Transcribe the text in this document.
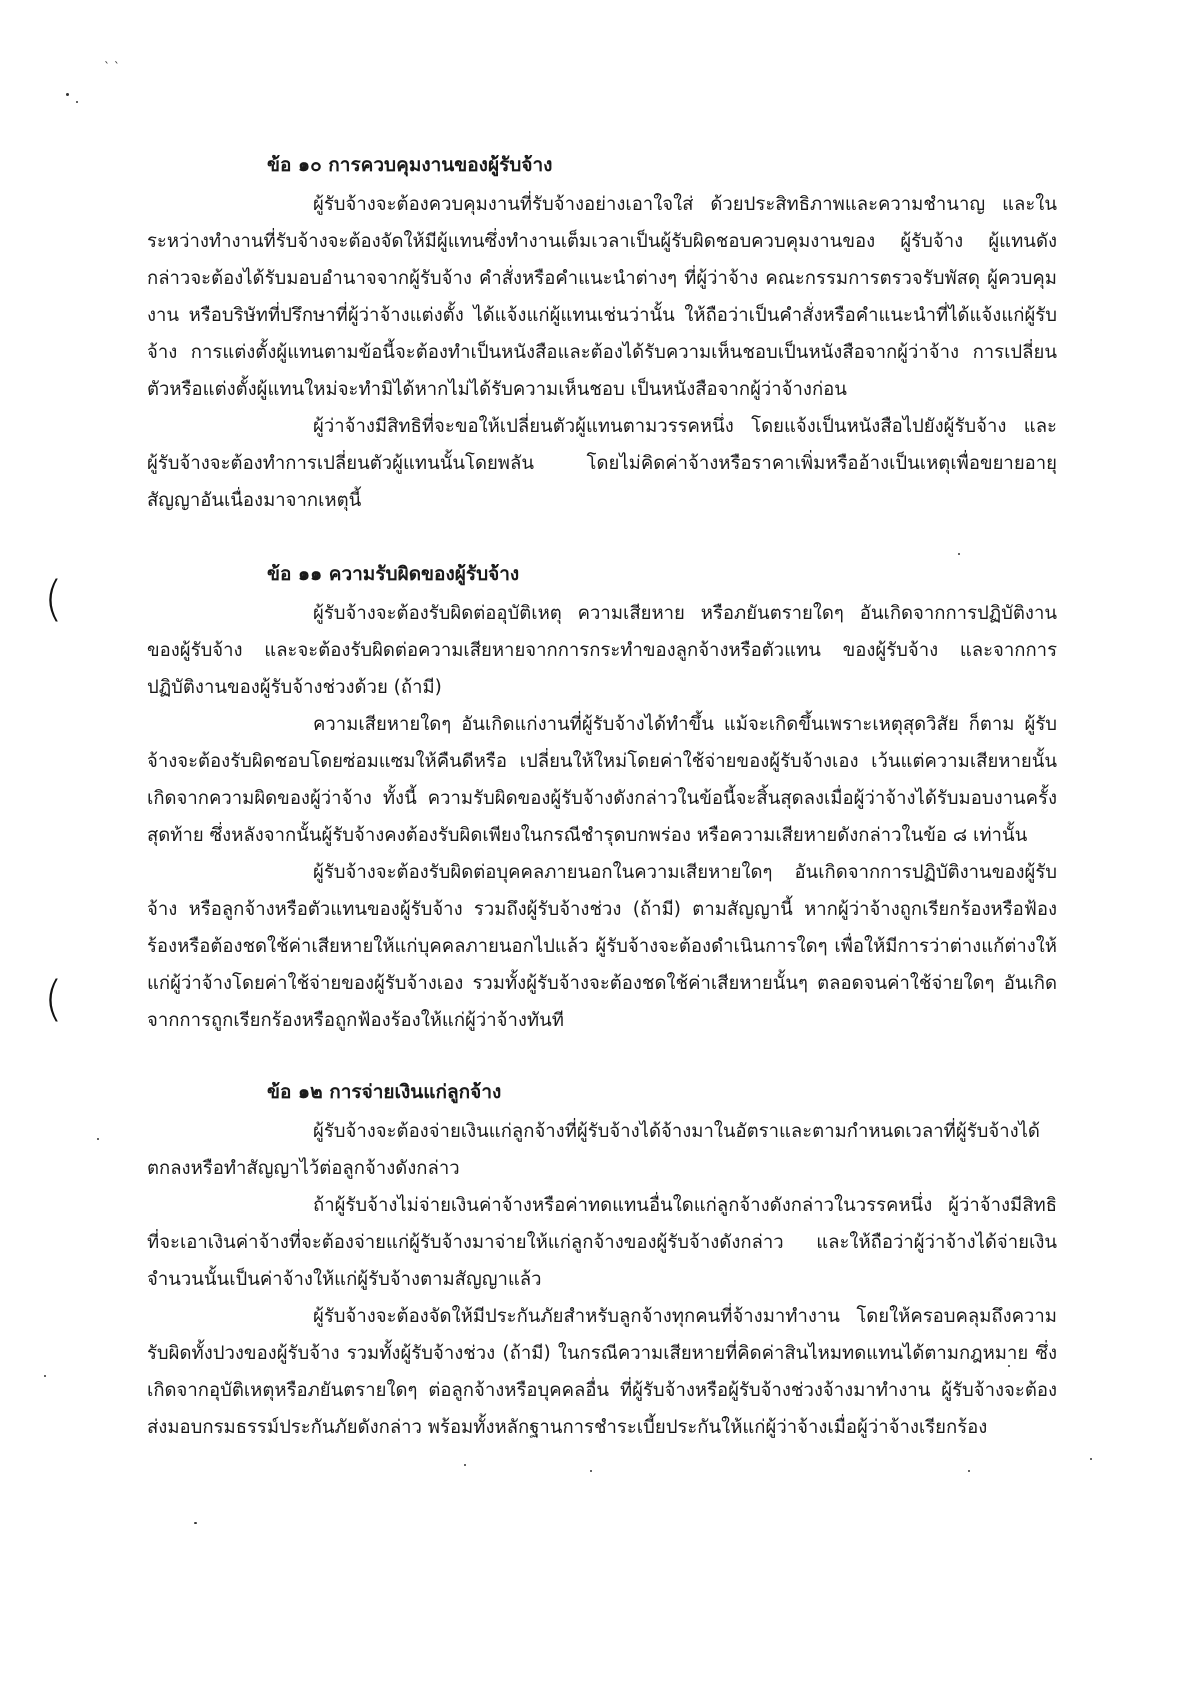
` `
(
(
ข้อ ๑๐ การควบคุมงานของผู้รับจ้าง

ผู้รับจ้างจะต้องควบคุมงานที่รับจ้างอย่างเอาใจใส่ ด้วยประสิทธิภาพและความชำนาญ และในระหว่างทำงานที่รับจ้างจะต้องจัดให้มีผู้แทนซึ่งทำงานเต็มเวลาเป็นผู้รับผิดชอบควบคุมงานของ ผู้รับจ้าง ผู้แทนดังกล่าวจะต้องได้รับมอบอำนาจจากผู้รับจ้าง คำสั่งหรือคำแนะนำต่างๆ ที่ผู้ว่าจ้าง คณะกรรมการตรวจรับพัสดุ ผู้ควบคุมงาน หรือบริษัทที่ปรึกษาที่ผู้ว่าจ้างแต่งตั้ง ได้แจ้งแก่ผู้แทนเช่นว่านั้น ให้ถือว่าเป็นคำสั่งหรือคำแนะนำที่ได้แจ้งแก่ผู้รับจ้าง การแต่งตั้งผู้แทนตามข้อนี้จะต้องทำเป็นหนังสือและต้องได้รับความเห็นชอบเป็นหนังสือจากผู้ว่าจ้าง การเปลี่ยนตัวหรือแต่งตั้งผู้แทนใหม่จะทำมิได้หากไม่ได้รับความเห็นชอบ เป็นหนังสือจากผู้ว่าจ้างก่อน

ผู้ว่าจ้างมีสิทธิที่จะขอให้เปลี่ยนตัวผู้แทนตามวรรคหนึ่ง โดยแจ้งเป็นหนังสือไปยังผู้รับจ้าง และผู้รับจ้างจะต้องทำการเปลี่ยนตัวผู้แทนนั้นโดยพลัน โดยไม่คิดค่าจ้างหรือราคาเพิ่มหรืออ้างเป็นเหตุเพื่อขยายอายุสัญญาอันเนื่องมาจากเหตุนี้

ข้อ ๑๑ ความรับผิดของผู้รับจ้าง

ผู้รับจ้างจะต้องรับผิดต่ออุบัติเหตุ ความเสียหาย หรือภยันตรายใดๆ อันเกิดจากการปฏิบัติงานของผู้รับจ้าง และจะต้องรับผิดต่อความเสียหายจากการกระทำของลูกจ้างหรือตัวแทน ของผู้รับจ้าง และจากการปฏิบัติงานของผู้รับจ้างช่วงด้วย (ถ้ามี)

ความเสียหายใดๆ อันเกิดแก่งานที่ผู้รับจ้างได้ทำขึ้น แม้จะเกิดขึ้นเพราะเหตุสุดวิสัย ก็ตาม ผู้รับจ้างจะต้องรับผิดชอบโดยซ่อมแซมให้คืนดีหรือ เปลี่ยนให้ใหม่โดยค่าใช้จ่ายของผู้รับจ้างเอง เว้นแต่ความเสียหายนั้นเกิดจากความผิดของผู้ว่าจ้าง ทั้งนี้ ความรับผิดของผู้รับจ้างดังกล่าวในข้อนี้จะสิ้นสุดลงเมื่อผู้ว่าจ้างได้รับมอบงานครั้งสุดท้าย ซึ่งหลังจากนั้นผู้รับจ้างคงต้องรับผิดเพียงในกรณีชำรุดบกพร่อง หรือความเสียหายดังกล่าวในข้อ ๘ เท่านั้น

ผู้รับจ้างจะต้องรับผิดต่อบุคคลภายนอกในความเสียหายใดๆ อันเกิดจากการปฏิบัติงานของผู้รับจ้าง หรือลูกจ้างหรือตัวแทนของผู้รับจ้าง รวมถึงผู้รับจ้างช่วง (ถ้ามี) ตามสัญญานี้ หากผู้ว่าจ้างถูกเรียกร้องหรือฟ้องร้องหรือต้องชดใช้ค่าเสียหายให้แก่บุคคลภายนอกไปแล้ว ผู้รับจ้างจะต้องดำเนินการใดๆ เพื่อให้มีการว่าต่างแก้ต่างให้แก่ผู้ว่าจ้างโดยค่าใช้จ่ายของผู้รับจ้างเอง รวมทั้งผู้รับจ้างจะต้องชดใช้ค่าเสียหายนั้นๆ ตลอดจนค่าใช้จ่ายใดๆ อันเกิดจากการถูกเรียกร้องหรือถูกฟ้องร้องให้แก่ผู้ว่าจ้างทันที

ข้อ ๑๒ การจ่ายเงินแก่ลูกจ้าง

ผู้รับจ้างจะต้องจ่ายเงินแก่ลูกจ้างที่ผู้รับจ้างได้จ้างมาในอัตราและตามกำหนดเวลาที่ผู้รับจ้างได้ตกลงหรือทำสัญญาไว้ต่อลูกจ้างดังกล่าว

ถ้าผู้รับจ้างไม่จ่ายเงินค่าจ้างหรือค่าทดแทนอื่นใดแก่ลูกจ้างดังกล่าวในวรรคหนึ่ง ผู้ว่าจ้างมีสิทธิที่จะเอาเงินค่าจ้างที่จะต้องจ่ายแก่ผู้รับจ้างมาจ่ายให้แก่ลูกจ้างของผู้รับจ้างดังกล่าว และให้ถือว่าผู้ว่าจ้างได้จ่ายเงินจำนวนนั้นเป็นค่าจ้างให้แก่ผู้รับจ้างตามสัญญาแล้ว

ผู้รับจ้างจะต้องจัดให้มีประกันภัยสำหรับลูกจ้างทุกคนที่จ้างมาทำงาน โดยให้ครอบคลุมถึงความรับผิดทั้งปวงของผู้รับจ้าง รวมทั้งผู้รับจ้างช่วง (ถ้ามี) ในกรณีความเสียหายที่คิดค่าสินไหมทดแทนได้ตามกฎหมาย ซึ่งเกิดจากอุบัติเหตุหรือภยันตรายใดๆ ต่อลูกจ้างหรือบุคคลอื่น ที่ผู้รับจ้างหรือผู้รับจ้างช่วงจ้างมาทำงาน ผู้รับจ้างจะต้องส่งมอบกรมธรรม์ประกันภัยดังกล่าว พร้อมทั้งหลักฐานการชำระเบี้ยประกันให้แก่ผู้ว่าจ้างเมื่อผู้ว่าจ้างเรียกร้อง
